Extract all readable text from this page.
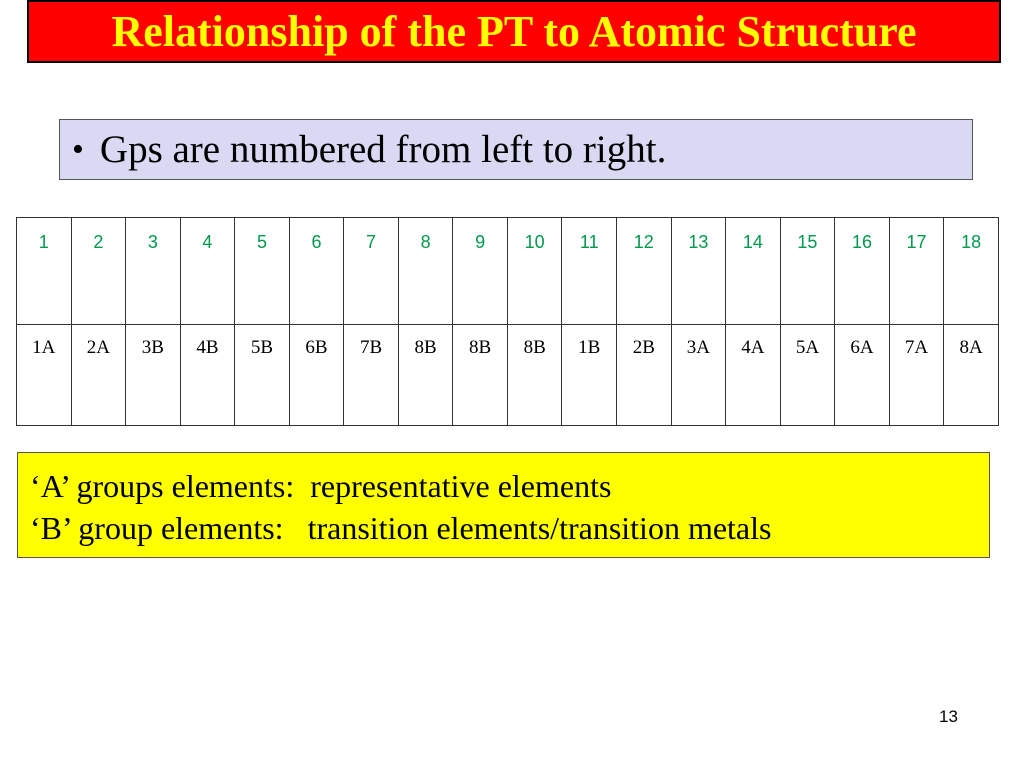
Relationship of the PT to Atomic Structure
• Gps are numbered from left to right.
1	2	3	4	5	6	7	8	9	10	11	12	13	14	15	16	17	18
1A	2A	3B	4B	5B	6B	7B	8B	8B	8B	1B	2B	3A	4A	5A	6A	7A	8A
‘A’ groups elements:  representative elements
‘B’ group elements:   transition elements/transition metals
13
